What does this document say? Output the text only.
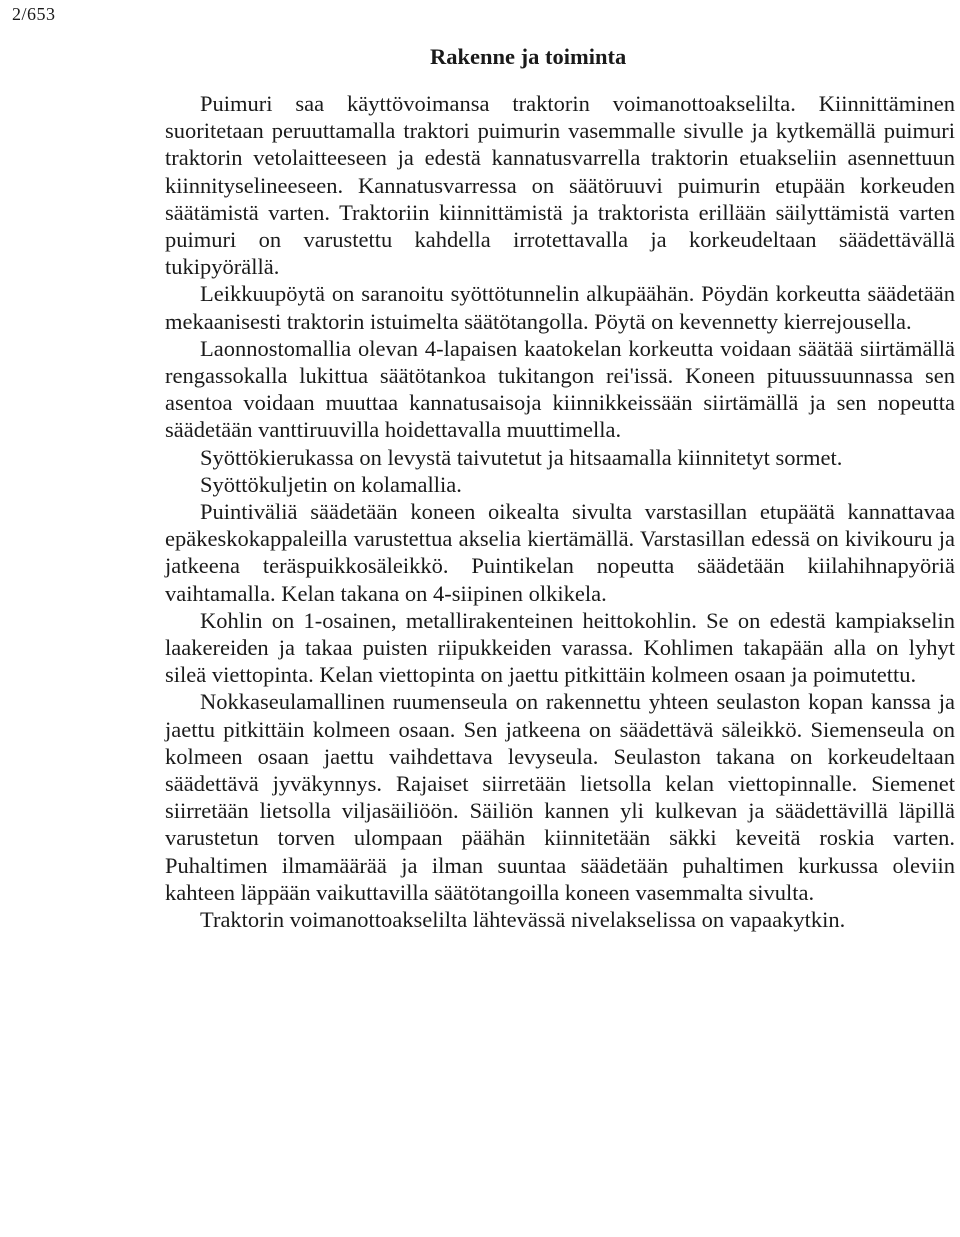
2/653
Rakenne ja toiminta

Puimuri saa käyttövoimansa traktorin voimanottoakselilta. Kiinnittäminen suoritetaan peruuttamalla traktori puimurin vasemmalle sivulle ja kytkemällä puimuri traktorin vetolaitteeseen ja edestä kannatusvarrella traktorin etuakseliin asennettuun kiinnityselineeseen. Kannatusvarressa on säätöruuvi puimurin etupään korkeuden säätämistä varten. Traktoriin kiinnittämistä ja traktorista erillään säilyttämistä varten puimuri on varustettu kahdella irrotettavalla ja korkeudeltaan säädettävällä tukipyörällä.

Leikkuupöytä on saranoitu syöttötunnelin alkupäähän. Pöydän korkeutta säädetään mekaanisesti traktorin istuimelta säätötangolla. Pöytä on kevennetty kierrejousella.

Laonnostomallia olevan 4-lapaisen kaatokelan korkeutta voidaan säätää siirtämällä rengassokalla lukittua säätötankoa tukitangon rei'issä. Koneen pituussuunnassa sen asentoa voidaan muuttaa kannatusaisoja kiinnikkeissään siirtämällä ja sen nopeutta säädetään vanttiruuvilla hoidettavalla muuttimella.

Syöttökierukassa on levystä taivutetut ja hitsaamalla kiinnitetyt sormet.

Syöttökuljetin on kolamallia.

Puintiväliä säädetään koneen oikealta sivulta varstasillan etupäätä kannattavaa epäkeskokappaleilla varustettua akselia kiertämällä. Varstasillan edessä on kivikouru ja jatkeena teräspuikkosäleikkö. Puintikelan nopeutta säädetään kiilahihnapyöriä vaihtamalla. Kelan takana on 4-siipinen olkikela.

Kohlin on 1-osainen, metallirakenteinen heittokohlin. Se on edestä kampiakselin laakereiden ja takaa puisten riipukkeiden varassa. Kohlimen takapään alla on lyhyt sileä viettopinta. Kelan viettopinta on jaettu pitkittäin kolmeen osaan ja poimutettu.

Nokkaseulamallinen ruumenseula on rakennettu yhteen seulaston kopan kanssa ja jaettu pitkittäin kolmeen osaan. Sen jatkeena on säädettävä säleikkö. Siemenseula on kolmeen osaan jaettu vaihdettava levyseula. Seulaston takana on korkeudeltaan säädettävä jyväkynnys. Rajaiset siirretään lietsolla kelan viettopinnalle. Siemenet siirretään lietsolla viljasäiliöön. Säiliön kannen yli kulkevan ja säädettävillä läpillä varustetun torven ulompaan päähän kiinnitetään säkki keveitä roskia varten. Puhaltimen ilmamäärää ja ilman suuntaa säädetään puhaltimen kurkussa oleviin kahteen läppään vaikuttavilla säätötangoilla koneen vasemmalta sivulta.

Traktorin voimanottoakselilta lähtevässä nivelakselissa on vapaakytkin.
